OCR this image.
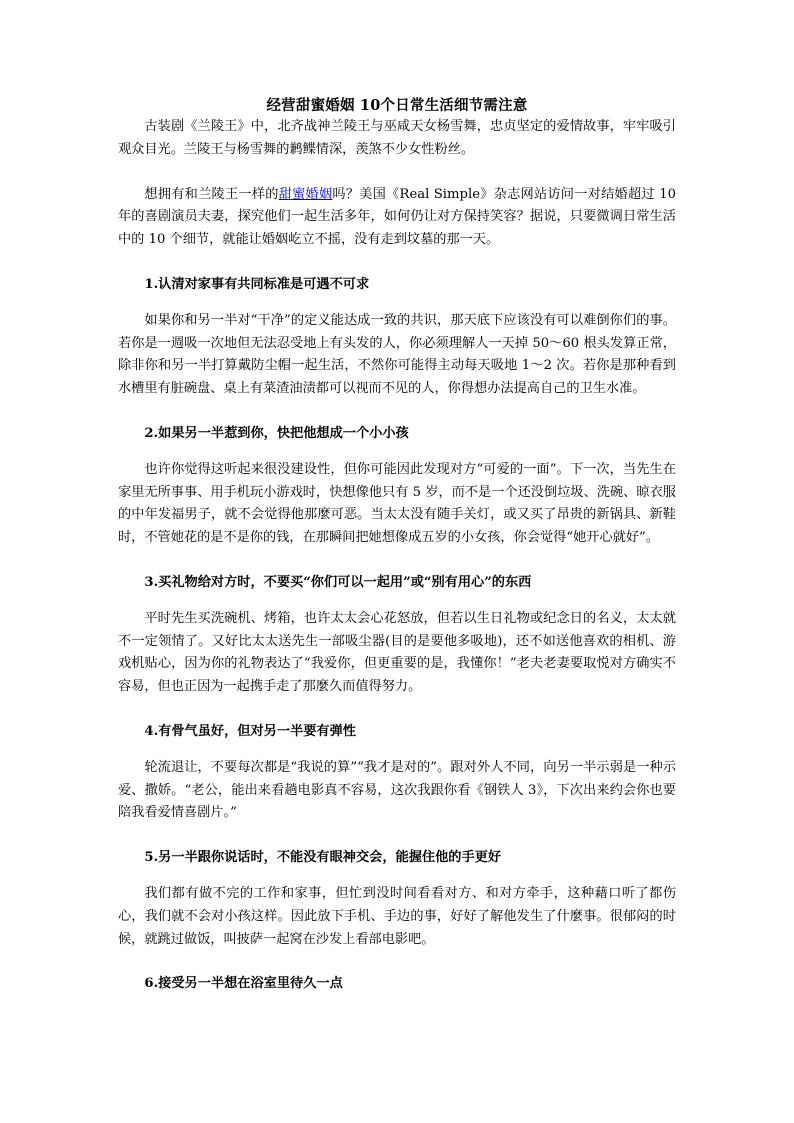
经营甜蜜婚姻 10个日常生活细节需注意

古装剧《兰陵王》中，北齐战神兰陵王与巫咸天女杨雪舞，忠贞坚定的爱情故事，牢牢吸引观众目光。兰陵王与杨雪舞的鹣鲽情深，羡煞不少女性粉丝。

想拥有和兰陵王一样的甜蜜婚姻吗？美国《Real Simple》杂志网站访问一对结婚超过 10 年的喜剧演员夫妻，探究他们一起生活多年，如何仍让对方保持笑容？据说，只要微调日常生活中的 10 个细节，就能让婚姻屹立不摇，没有走到坟墓的那一天。

1.认清对家事有共同标准是可遇不可求

如果你和另一半对“干净”的定义能达成一致的共识，那天底下应该没有可以难倒你们的事。若你是一週吸一次地但无法忍受地上有头发的人，你必须理解人一天掉 50～60 根头发算正常，除非你和另一半打算戴防尘帽一起生活，不然你可能得主动每天吸地 1～2 次。若你是那种看到水槽里有脏碗盘、桌上有菜渣油渍都可以视而不见的人，你得想办法提高自己的卫生水准。

2.如果另一半惹到你，快把他想成一个小小孩

也许你觉得这听起来很没建设性，但你可能因此发现对方“可爱的一面”。下一次，当先生在家里无所事事、用手机玩小游戏时，快想像他只有 5 岁，而不是一个还没倒垃圾、洗碗、晾衣服的中年发福男子，就不会觉得他那麼可恶。当太太没有随手关灯，或又买了昂贵的新锅具、新鞋时，不管她花的是不是你的钱，在那瞬间把她想像成五岁的小女孩，你会觉得“她开心就好”。

3.买礼物给对方时，不要买“你们可以一起用”或“别有用心”的东西

平时先生买洗碗机、烤箱，也许太太会心花怒放，但若以生日礼物或纪念日的名义，太太就不一定领情了。又好比太太送先生一部吸尘器(目的是要他多吸地)，还不如送他喜欢的相机、游戏机贴心，因为你的礼物表达了“我爱你，但更重要的是，我懂你！”老夫老妻要取悦对方确实不容易，但也正因为一起携手走了那麼久而值得努力。

4.有骨气虽好，但对另一半要有弹性

轮流退让，不要每次都是“我说的算”“我才是对的”。跟对外人不同，向另一半示弱是一种示爱、撒娇。“老公，能出来看趟电影真不容易，这次我跟你看《钢铁人 3》，下次出来约会你也要陪我看爱情喜剧片。”

5.另一半跟你说话时，不能没有眼神交会，能握住他的手更好

我们都有做不完的工作和家事，但忙到没时间看看对方、和对方牵手，这种藉口听了都伤心，我们就不会对小孩这样。因此放下手机、手边的事，好好了解他发生了什麼事。很郁闷的时候，就跳过做饭，叫披萨一起窝在沙发上看部电影吧。

6.接受另一半想在浴室里待久一点
